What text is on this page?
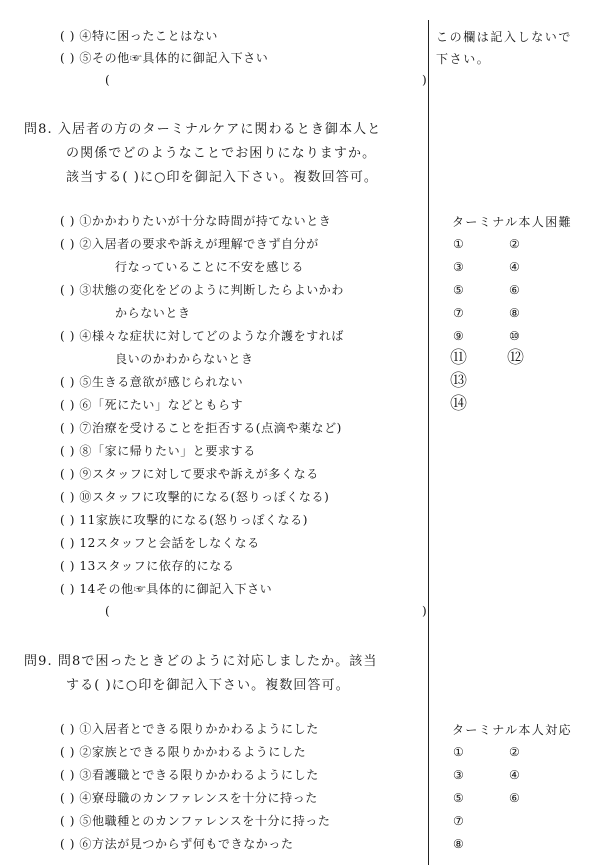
( ) ④特に困ったことはない
( ) ⑤その他☞具体的に御記入下さい
(	)
この欄は記入しないで
下さい。
問8. 入居者の方のターミナルケアに関わるとき御本人と
の関係でどのようなことでお困りになりますか。
該当する( )に○印を御記入下さい。複数回答可。
( ) ①かかわりたいが十分な時間が持てないとき
( ) ②入居者の要求や訴えが理解できず自分が
行なっていることに不安を感じる
( ) ③状態の変化をどのように判断したらよいかわ
からないとき
( ) ④様々な症状に対してどのような介護をすれば
良いのかわからないとき
( ) ⑤生きる意欲が感じられない
( ) ⑥「死にたい」などともらす
( ) ⑦治療を受けることを拒否する(点滴や薬など)
( ) ⑧「家に帰りたい」と要求する
( ) ⑨スタッフに対して要求や訴えが多くなる
( ) ⑩スタッフに攻撃的になる(怒りっぽくなる)
( ) 11家族に攻撃的になる(怒りっぽくなる)
( ) 12スタッフと会話をしなくなる
( ) 13スタッフに依存的になる
( ) 14その他☞具体的に御記入下さい
(	)
ターミナル本人困難
①	②
③	④
⑤	⑥
⑦	⑧
⑨	⑩
⑪ ⑫
⑬
⑭
問9. 問8で困ったときどのように対応しましたか。該当
する( )に○印を御記入下さい。複数回答可。
( ) ①入居者とできる限りかかわるようにした
( ) ②家族とできる限りかかわるようにした
( ) ③看護職とできる限りかかわるようにした
( ) ④寮母職のカンファレンスを十分に持った
( ) ⑤他職種とのカンファレンスを十分に持った
( ) ⑥方法が見つからず何もできなかった
ターミナル本人対応
①	②
③	④
⑤	⑥
⑦
⑧
